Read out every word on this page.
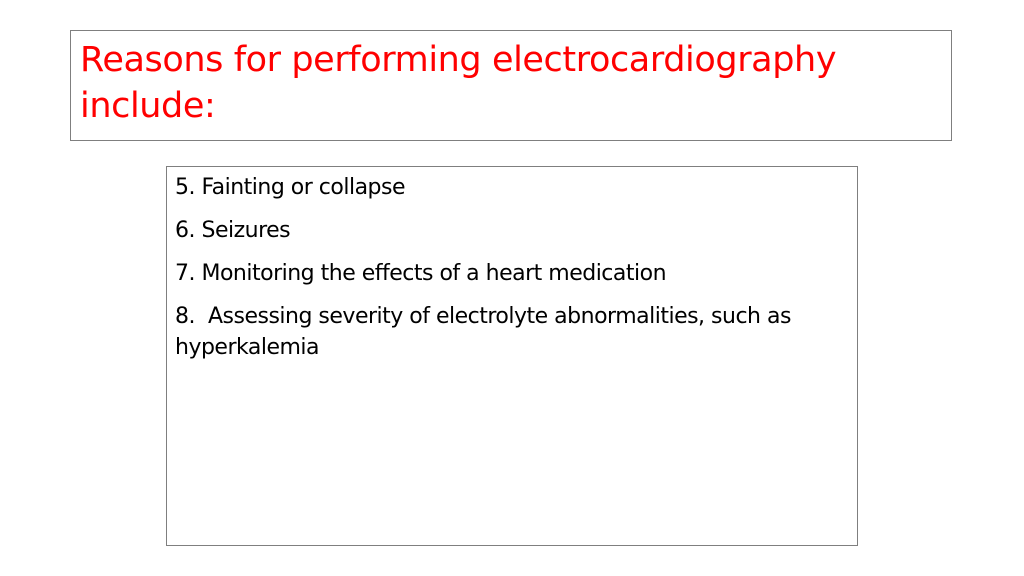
Reasons for performing electrocardiography include:
5. Fainting or collapse
6. Seizures
7. Monitoring the effects of a heart medication
8.  Assessing severity of electrolyte abnormalities, such as hyperkalemia
